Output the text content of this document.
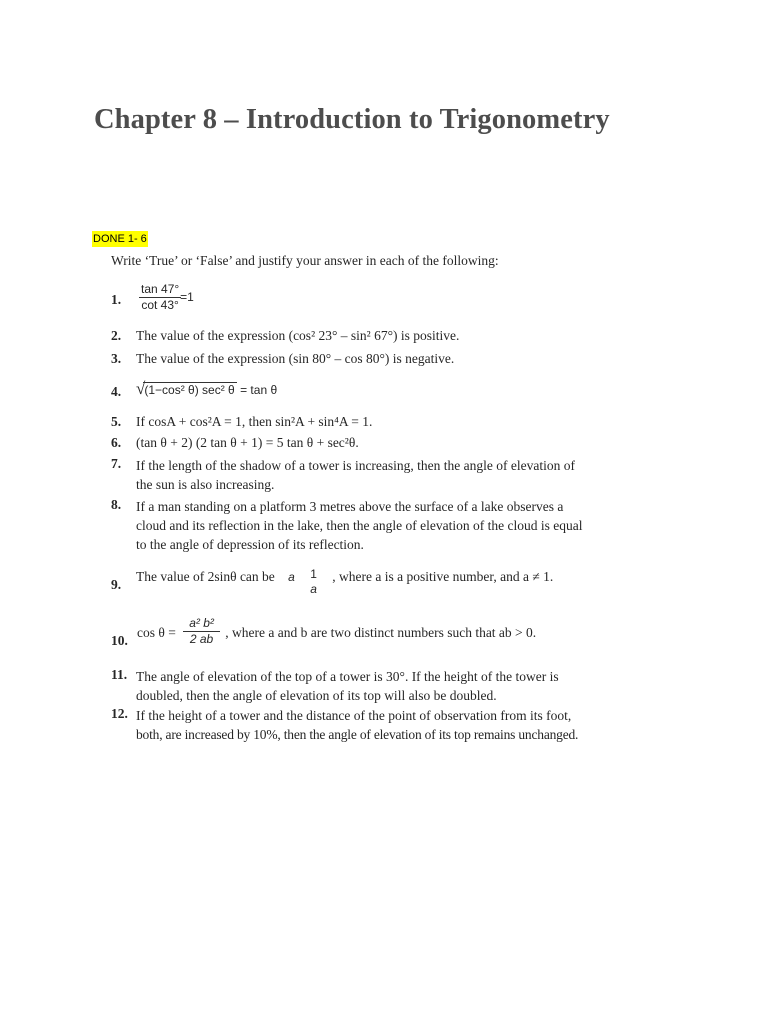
Chapter 8 – Introduction to Trigonometry
DONE 1- 6
Write ‘True’ or ‘False’ and justify your answer in each of the following:
1. $\frac{\tan 47^\circ}{\cot 43^\circ} =1$
2. The value of the expression (cos² 23° – sin² 67°) is positive.
3. The value of the expression (sin 80° – cos 80°) is negative.
4. √(1−cos² θ) sec² θ = tan θ
5. If cosA + cos²A = 1, then sin²A + sin⁴A = 1.
6. (tan θ + 2) (2 tan θ + 1) = 5 tan θ + sec²θ.
7. If the length of the shadow of a tower is increasing, then the angle of elevation of
the sun is also increasing.
8. If a man standing on a platform 3 metres above the surface of a lake observes a
cloud and its reflection in the lake, then the angle of elevation of the cloud is equal
to the angle of depression of its reflection.
9.
The value of 2sinθ can be a 1
a
, where a is a positive number, and a ≠ 1.
10.
$\cos \theta = \frac{\text{a² b²}}{2 ab}$ , where a and b are two distinct numbers such that ab > 0.
11. The angle of elevation of the top of a tower is 30°. If the height of the tower is
doubled, then the angle of elevation of its top will also be doubled.
12. If the height of a tower and the distance of the point of observation from its foot,
both, are increased by 10%, then the angle of elevation of its top remains unchanged.
